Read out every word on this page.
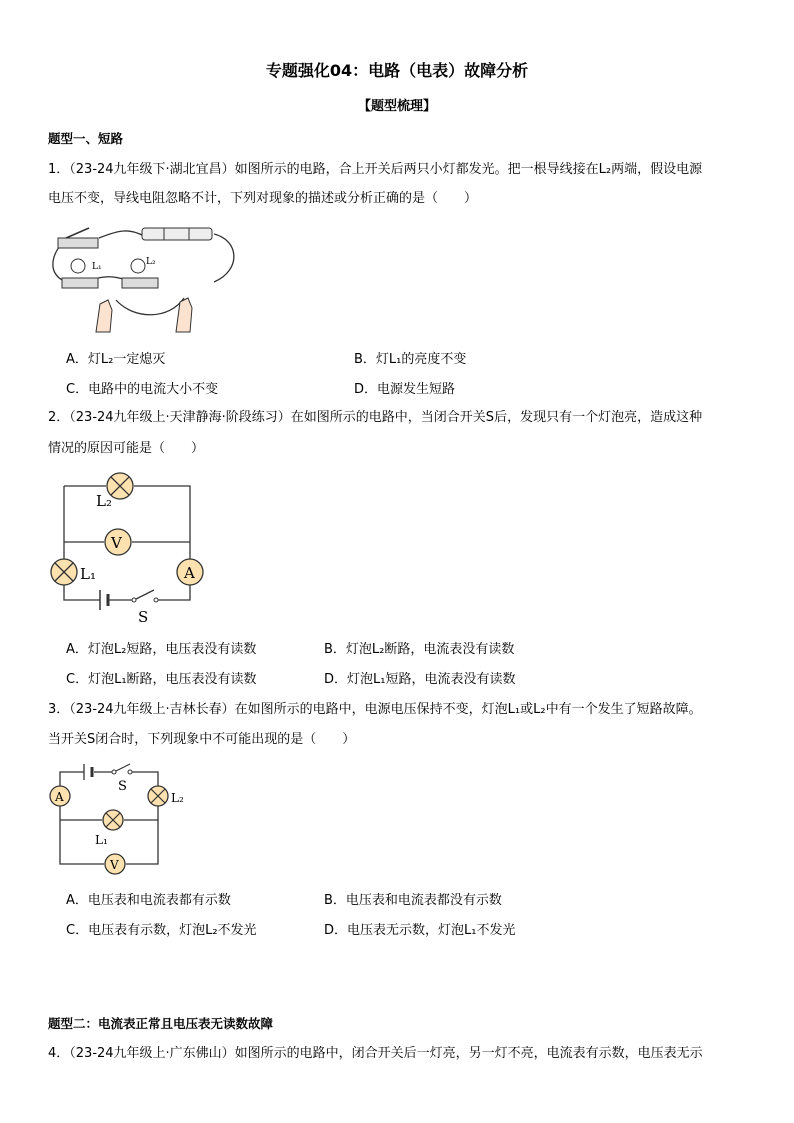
专题强化04：电路（电表）故障分析
【题型梳理】
题型一、短路
1．（23-24九年级下·湖北宜昌）如图所示的电路，合上开关后两只小灯都发光。把一根导线接在L₂两端，假设电源
电压不变，导线电阻忽略不计，下列对现象的描述或分析正确的是（　　）
L₁	L₂
A．灯L₂一定熄灭	B．灯L₁的亮度不变
C．电路中的电流大小不变	D．电源发生短路
2．（23-24九年级上·天津静海·阶段练习）在如图所示的电路中，当闭合开关S后，发现只有一个灯泡亮，造成这种
情况的原因可能是（　　）
S
L₂
V
L₁	A
A．灯泡L₂短路，电压表没有读数	B．灯泡L₂断路，电流表没有读数
C．灯泡L₁断路，电压表没有读数	D．灯泡L₁短路，电流表没有读数
3．（23-24九年级上·吉林长春）在如图所示的电路中，电源电压保持不变，灯泡L₁或L₂中有一个发生了短路故障。
当开关S闭合时，下列现象中不可能出现的是（　　）
S
A	L₂
L₁
V
A．电压表和电流表都有示数	B．电压表和电流表都没有示数
C．电压表有示数，灯泡L₂不发光	D．电压表无示数，灯泡L₁不发光
题型二：电流表正常且电压表无读数故障
4．（23-24九年级上·广东佛山）如图所示的电路中，闭合开关后一灯亮，另一灯不亮，电流表有示数，电压表无示
